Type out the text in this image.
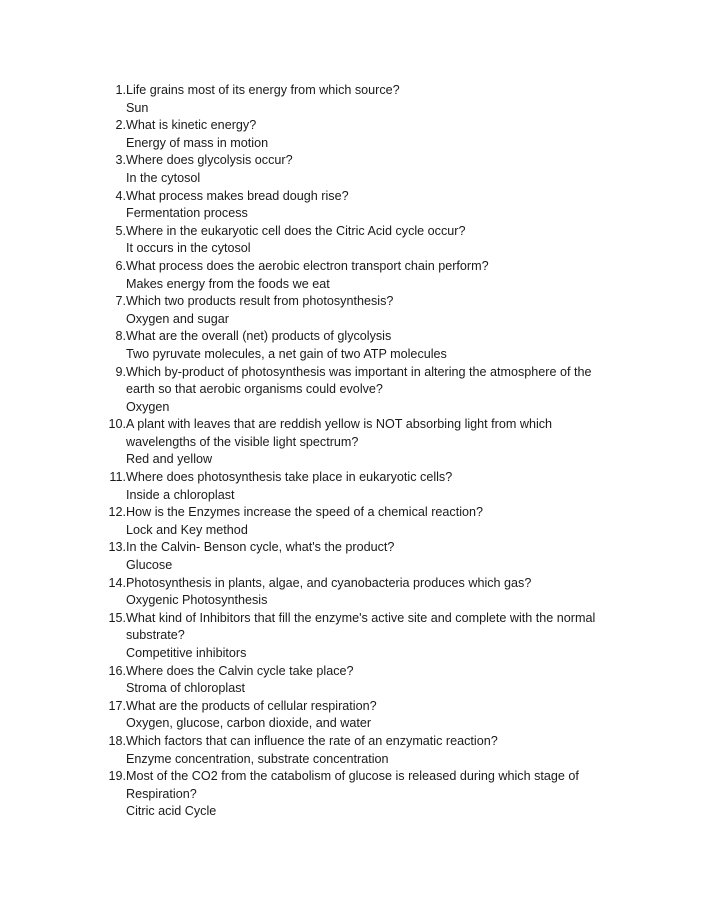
1. Life grains most of its energy from which source?
Sun
2. What is kinetic energy?
Energy of mass in motion
3. Where does glycolysis occur?
In the cytosol
4. What process makes bread dough rise?
Fermentation process
5. Where in the eukaryotic cell does the Citric Acid cycle occur?
It occurs in the cytosol
6. What process does the aerobic electron transport chain perform?
Makes energy from the foods we eat
7. Which two products result from photosynthesis?
Oxygen and sugar
8. What are the overall (net) products of glycolysis
Two pyruvate molecules, a net gain of two ATP molecules
9. Which by-product of photosynthesis was important in altering the atmosphere of the earth so that aerobic organisms could evolve?
Oxygen
10. A plant with leaves that are reddish yellow is NOT absorbing light from which wavelengths of the visible light spectrum?
Red and yellow
11. Where does photosynthesis take place in eukaryotic cells?
Inside a chloroplast
12. How is the Enzymes increase the speed of a chemical reaction?
Lock and Key method
13. In the Calvin- Benson cycle, what's the product?
Glucose
14. Photosynthesis in plants, algae, and cyanobacteria produces which gas?
Oxygenic Photosynthesis
15. What kind of Inhibitors that fill the enzyme's active site and complete with the normal substrate?
Competitive inhibitors
16. Where does the Calvin cycle take place?
Stroma of chloroplast
17. What are the products of cellular respiration?
Oxygen, glucose, carbon dioxide, and water
18. Which factors that can influence the rate of an enzymatic reaction?
Enzyme concentration, substrate concentration
19. Most of the CO2 from the catabolism of glucose is released during which stage of Respiration?
Citric acid Cycle
